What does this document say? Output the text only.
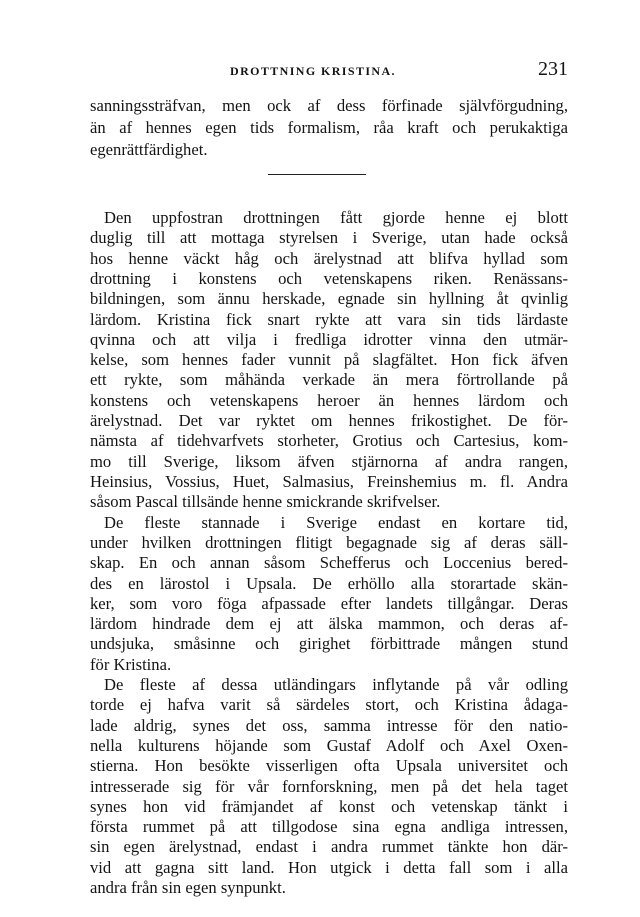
DROTTNING KRISTINA.	231
sanningssträfvan, men ock af dess förfinade självförgudning,
än af hennes egen tids formalism, råa kraft och perukaktiga
egenrättfärdighet.
Den uppfostran drottningen fått gjorde henne ej blott
duglig till att mottaga styrelsen i Sverige, utan hade också
hos henne väckt håg och ärelystnad att blifva hyllad som
drottning i konstens och vetenskapens riken. Renässans-
bildningen, som ännu herskade, egnade sin hyllning åt qvinlig
lärdom. Kristina fick snart rykte att vara sin tids lärdaste
qvinna och att vilja i fredliga idrotter vinna den utmär-
kelse, som hennes fader vunnit på slagfältet. Hon fick äfven
ett rykte, som måhända verkade än mera förtrollande på
konstens och vetenskapens heroer än hennes lärdom och
ärelystnad. Det var ryktet om hennes frikostighet. De för-
nämsta af tidehvarfvets storheter, Grotius och Cartesius, kom-
mo till Sverige, liksom äfven stjärnorna af andra rangen,
Heinsius, Vossius, Huet, Salmasius, Freinshemius m. fl. Andra
såsom Pascal tillsände henne smickrande skrifvelser.
De fleste stannade i Sverige endast en kortare tid,
under hvilken drottningen flitigt begagnade sig af deras säll-
skap. En och annan såsom Schefferus och Loccenius bered-
des en lärostol i Upsala. De erhöllo alla storartade skän-
ker, som voro föga afpassade efter landets tillgångar. Deras
lärdom hindrade dem ej att älska mammon, och deras af-
undsjuka, småsinne och girighet förbittrade mången stund
för Kristina.
De fleste af dessa utländingars inflytande på vår odling
torde ej hafva varit så särdeles stort, och Kristina ådaga-
lade aldrig, synes det oss, samma intresse för den natio-
nella kulturens höjande som Gustaf Adolf och Axel Oxen-
stierna. Hon besökte visserligen ofta Upsala universitet och
intresserade sig för vår fornforskning, men på det hela taget
synes hon vid främjandet af konst och vetenskap tänkt i
första rummet på att tillgodose sina egna andliga intressen,
sin egen ärelystnad, endast i andra rummet tänkte hon där-
vid att gagna sitt land. Hon utgick i detta fall som i alla
andra från sin egen synpunkt.
